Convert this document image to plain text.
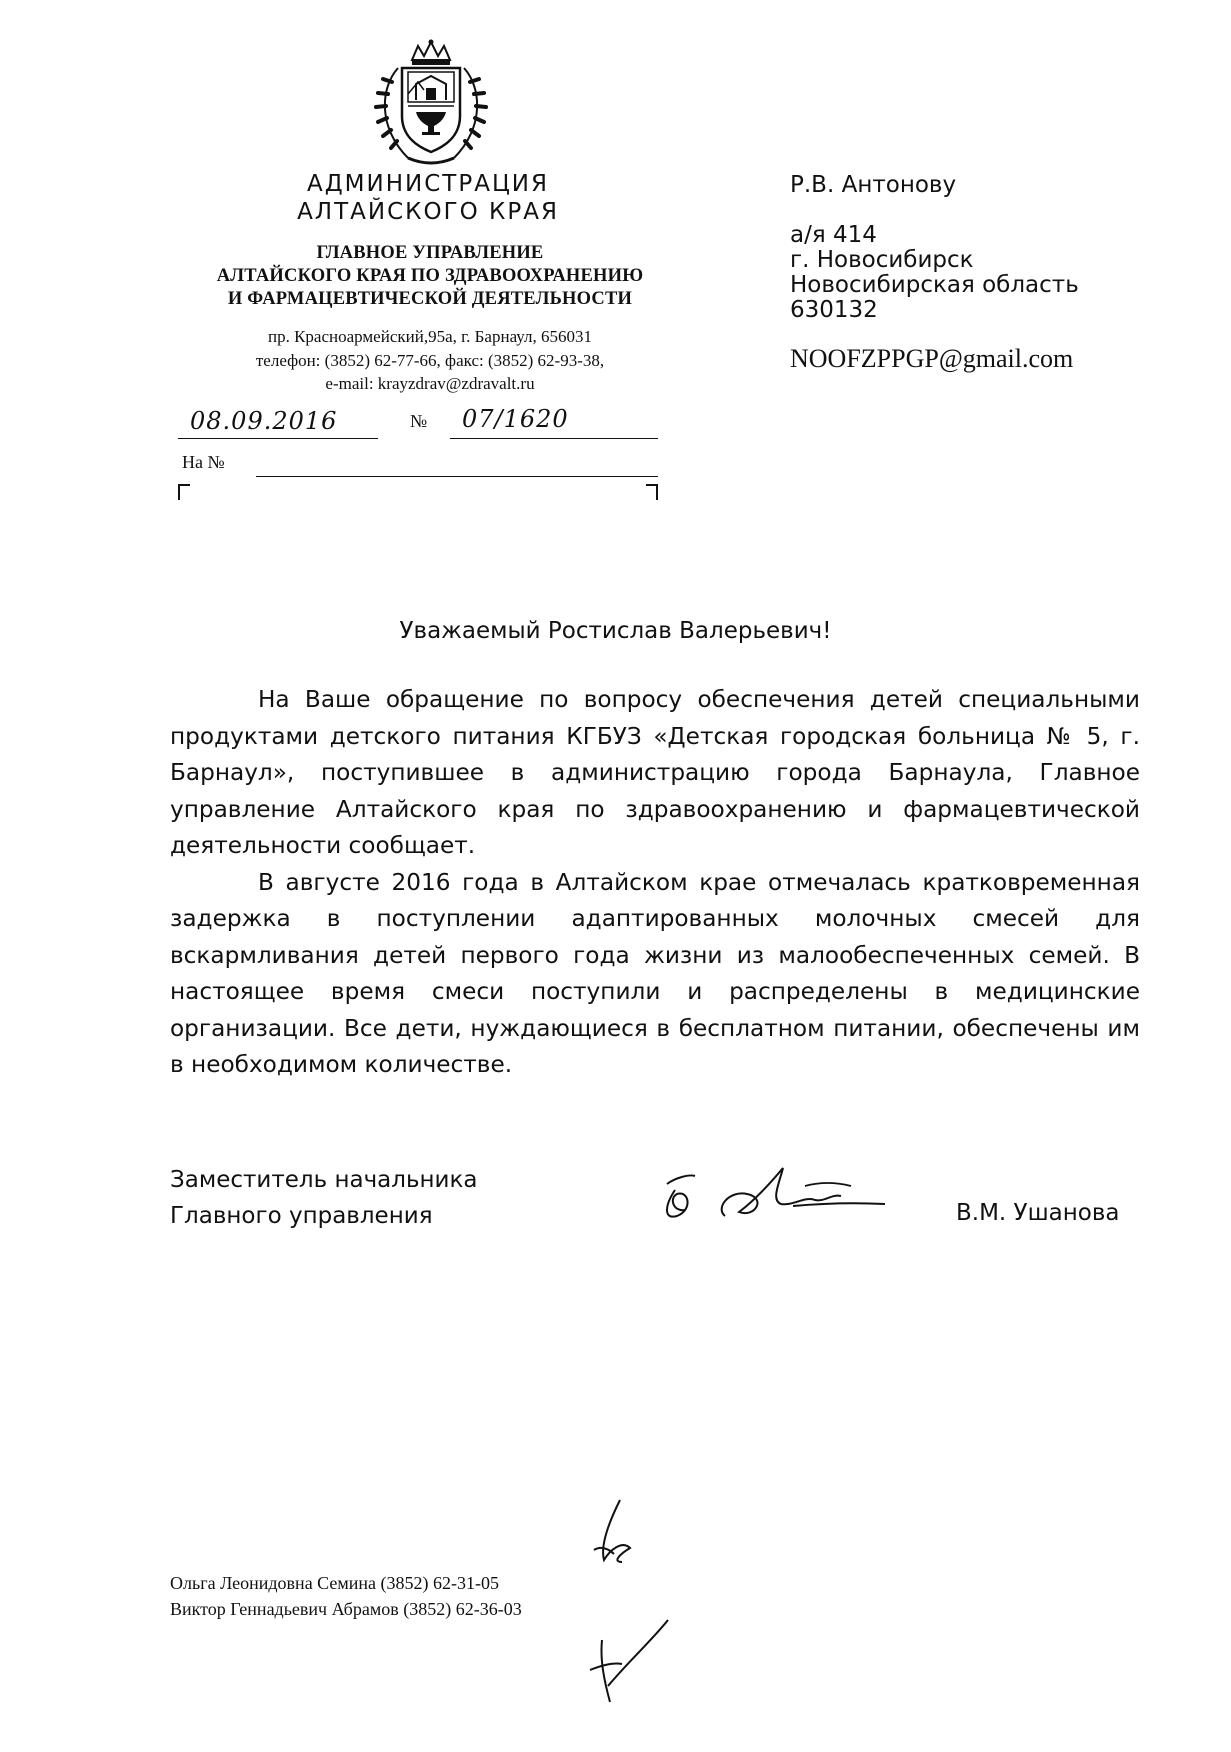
АДМИНИСТРАЦИЯ
АЛТАЙСКОГО КРАЯ
ГЛАВНОЕ УПРАВЛЕНИЕ
АЛТАЙСКОГО КРАЯ ПО ЗДРАВООХРАНЕНИЮ
И ФАРМАЦЕВТИЧЕСКОЙ ДЕЯТЕЛЬНОСТИ
пр. Красноармейский,95а, г. Барнаул, 656031
телефон: (3852) 62-77-66, факс: (3852) 62-93-38,
e-mail: krayzdrav@zdravalt.ru
08.09.2016	№ 07/1620
На №
Р.В. Антонову
а/я 414
г. Новосибирск
Новосибирская область
630132
NOOFZPPGP@gmail.com
Уважаемый Ростислав Валерьевич!

На Ваше обращение по вопросу обеспечения детей специальными продуктами детского питания КГБУЗ «Детская городская больница № 5, г. Барнаул», поступившее в администрацию города Барнаула, Главное управление Алтайского края по здравоохранению и фармацевтической деятельности сообщает.

В августе 2016 года в Алтайском крае отмечалась кратковременная задержка в поступлении адаптированных молочных смесей для вскармливания детей первого года жизни из малообеспеченных семей. В настоящее время смеси поступили и распределены в медицинские организации. Все дети, нуждающиеся в бесплатном питании, обеспечены им в необходимом количестве.

Заместитель начальника
Главного управления	В.М. Ушанова
Ольга Леонидовна Семина (3852) 62-31-05
Виктор Геннадьевич Абрамов (3852) 62-36-03
